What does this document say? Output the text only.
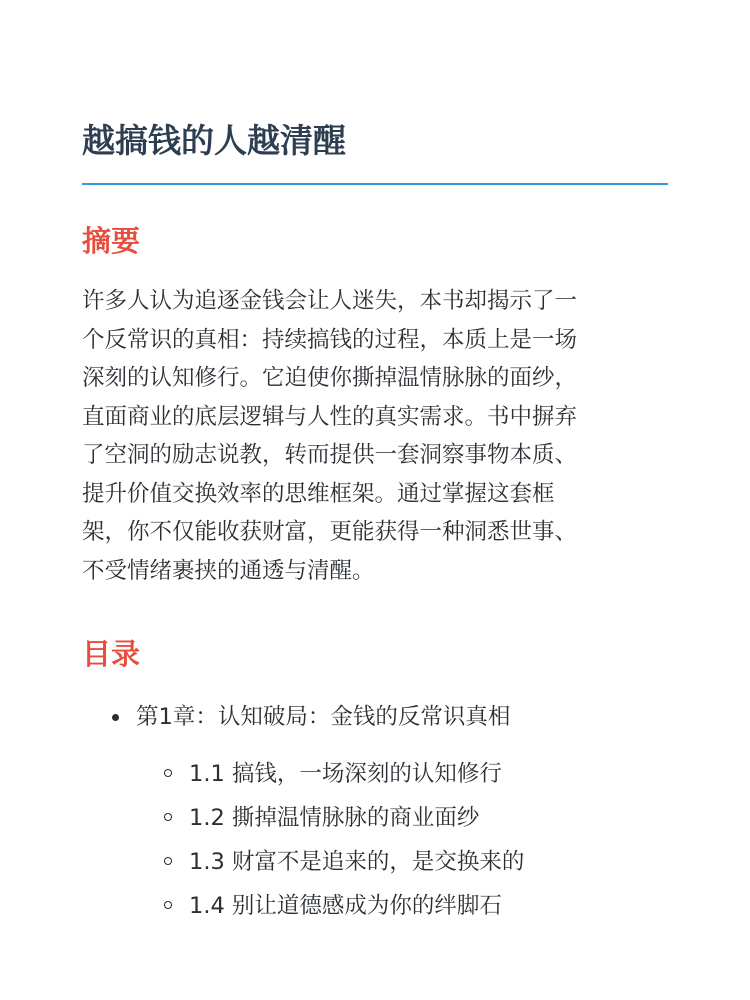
越搞钱的人越清醒
摘要

许多人认为追逐金钱会让人迷失，本书却揭示了一
个反常识的真相：持续搞钱的过程，本质上是一场
深刻的认知修行。它迫使你撕掉温情脉脉的面纱，
直面商业的底层逻辑与人性的真实需求。书中摒弃
了空洞的励志说教，转而提供一套洞察事物本质、
提升价值交换效率的思维框架。通过掌握这套框
架，你不仅能收获财富，更能获得一种洞悉世事、
不受情绪裹挟的通透与清醒。

目录
第1章：认知破局：金钱的反常识真相
1.1 搞钱，一场深刻的认知修行
1.2 撕掉温情脉脉的商业面纱
1.3 财富不是追来的，是交换来的
1.4 别让道德感成为你的绊脚石
